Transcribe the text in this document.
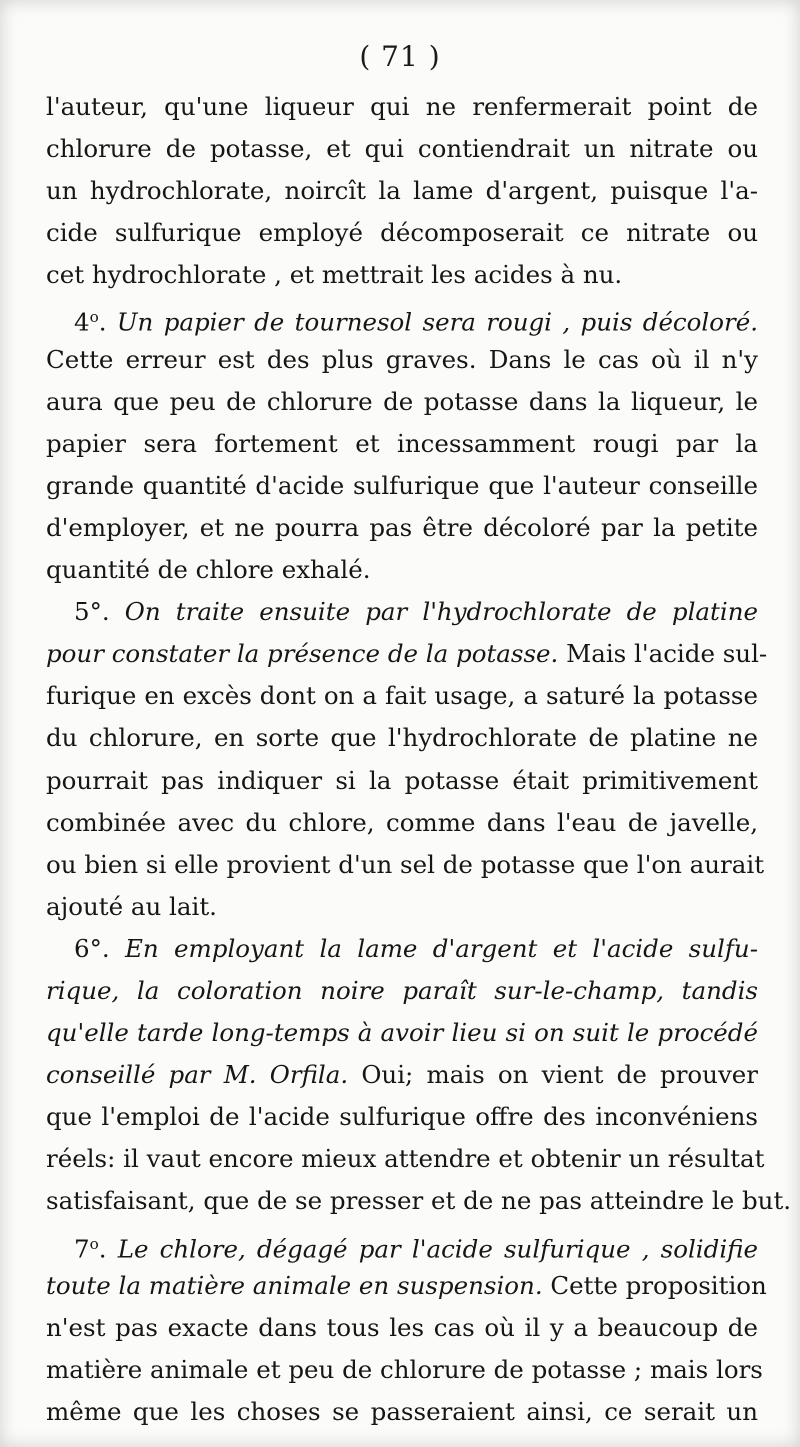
( 71 )
l'auteur, qu'une liqueur qui ne renfermerait point de
chlorure de potasse, et qui contiendrait un nitrate ou
un hydrochlorate, noircît la lame d'argent, puisque l'a-
cide sulfurique employé décomposerait ce nitrate ou
cet hydrochlorate , et mettrait les acides à nu.
4$^o$. Un papier de tournesol sera rougi , puis décoloré.
Cette erreur est des plus graves. Dans le cas où il n'y
aura que peu de chlorure de potasse dans la liqueur, le
papier sera fortement et incessamment rougi par la
grande quantité d'acide sulfurique que l'auteur conseille
d'employer, et ne pourra pas être décoloré par la petite
quantité de chlore exhalé.
5°. On traite ensuite par l'hydrochlorate de platine
pour constater la présence de la potasse. Mais l'acide sul-
furique en excès dont on a fait usage, a saturé la potasse
du chlorure, en sorte que l'hydrochlorate de platine ne
pourrait pas indiquer si la potasse était primitivement
combinée avec du chlore, comme dans l'eau de javelle,
ou bien si elle provient d'un sel de potasse que l'on aurait
ajouté au lait.
6°. En employant la lame d'argent et l'acide sulfu-
rique, la coloration noire paraît sur-le-champ, tandis
qu'elle tarde long-temps à avoir lieu si on suit le procédé
conseillé par M. Orfila. Oui; mais on vient de prouver
que l'emploi de l'acide sulfurique offre des inconvéniens
réels: il vaut encore mieux attendre et obtenir un résultat
satisfaisant, que de se presser et de ne pas atteindre le but.
7$^o$. Le chlore, dégagé par l'acide sulfurique , solidifie
toute la matière animale en suspension. Cette proposition
n'est pas exacte dans tous les cas où il y a beaucoup de
matière animale et peu de chlorure de potasse ; mais lors
même que les choses se passeraient ainsi, ce serait un
